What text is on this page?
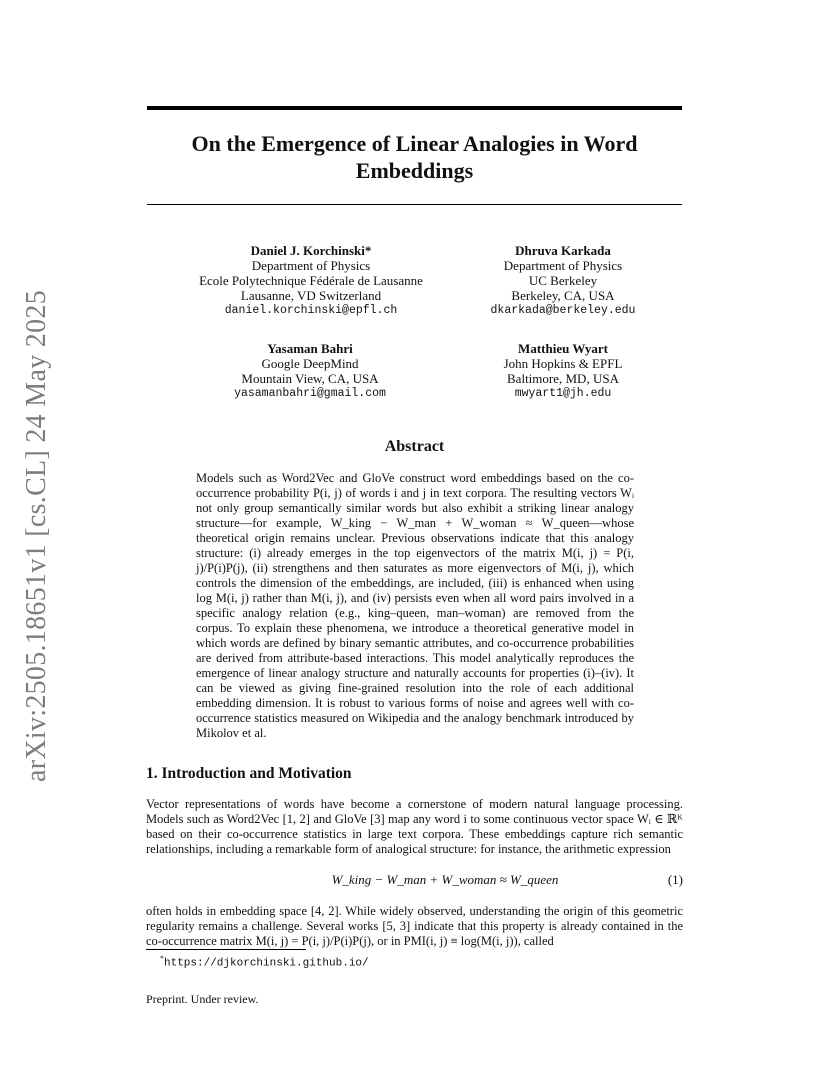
arXiv:2505.18651v1 [cs.CL] 24 May 2025
On the Emergence of Linear Analogies in Word Embeddings
Daniel J. Korchinski*
Department of Physics
Ecole Polytechnique Fédérale de Lausanne
Lausanne, VD Switzerland
daniel.korchinski@epfl.ch
Dhruva Karkada
Department of Physics
UC Berkeley
Berkeley, CA, USA
dkarkada@berkeley.edu
Yasaman Bahri
Google DeepMind
Mountain View, CA, USA
yasamanbahri@gmail.com
Matthieu Wyart
John Hopkins & EPFL
Baltimore, MD, USA
mwyart1@jh.edu
Abstract
Models such as Word2Vec and GloVe construct word embeddings based on the co-occurrence probability P(i, j) of words i and j in text corpora. The resulting vectors Wᵢ not only group semantically similar words but also exhibit a striking linear analogy structure—for example, W_king − W_man + W_woman ≈ W_queen—whose theoretical origin remains unclear. Previous observations indicate that this analogy structure: (i) already emerges in the top eigenvectors of the matrix M(i, j) = P(i, j)/P(i)P(j), (ii) strengthens and then saturates as more eigenvectors of M(i, j), which controls the dimension of the embeddings, are included, (iii) is enhanced when using log M(i, j) rather than M(i, j), and (iv) persists even when all word pairs involved in a specific analogy relation (e.g., king–queen, man–woman) are removed from the corpus. To explain these phenomena, we introduce a theoretical generative model in which words are defined by binary semantic attributes, and co-occurrence probabilities are derived from attribute-based interactions. This model analytically reproduces the emergence of linear analogy structure and naturally accounts for properties (i)–(iv). It can be viewed as giving fine-grained resolution into the role of each additional embedding dimension. It is robust to various forms of noise and agrees well with co-occurrence statistics measured on Wikipedia and the analogy benchmark introduced by Mikolov et al.
1. Introduction and Motivation
Vector representations of words have become a cornerstone of modern natural language processing. Models such as Word2Vec [1, 2] and GloVe [3] map any word i to some continuous vector space Wᵢ ∈ ℝᴷ based on their co-occurrence statistics in large text corpora. These embeddings capture rich semantic relationships, including a remarkable form of analogical structure: for instance, the arithmetic expression
W_king − W_man + W_woman ≈ W_queen	(1)
often holds in embedding space [4, 2]. While widely observed, understanding the origin of this geometric regularity remains a challenge. Several works [5, 3] indicate that this property is already contained in the co-occurrence matrix M(i, j) = P(i, j)/P(i)P(j), or in PMI(i, j) ≡ log(M(i, j)), called
*https://djkorchinski.github.io/
Preprint. Under review.
